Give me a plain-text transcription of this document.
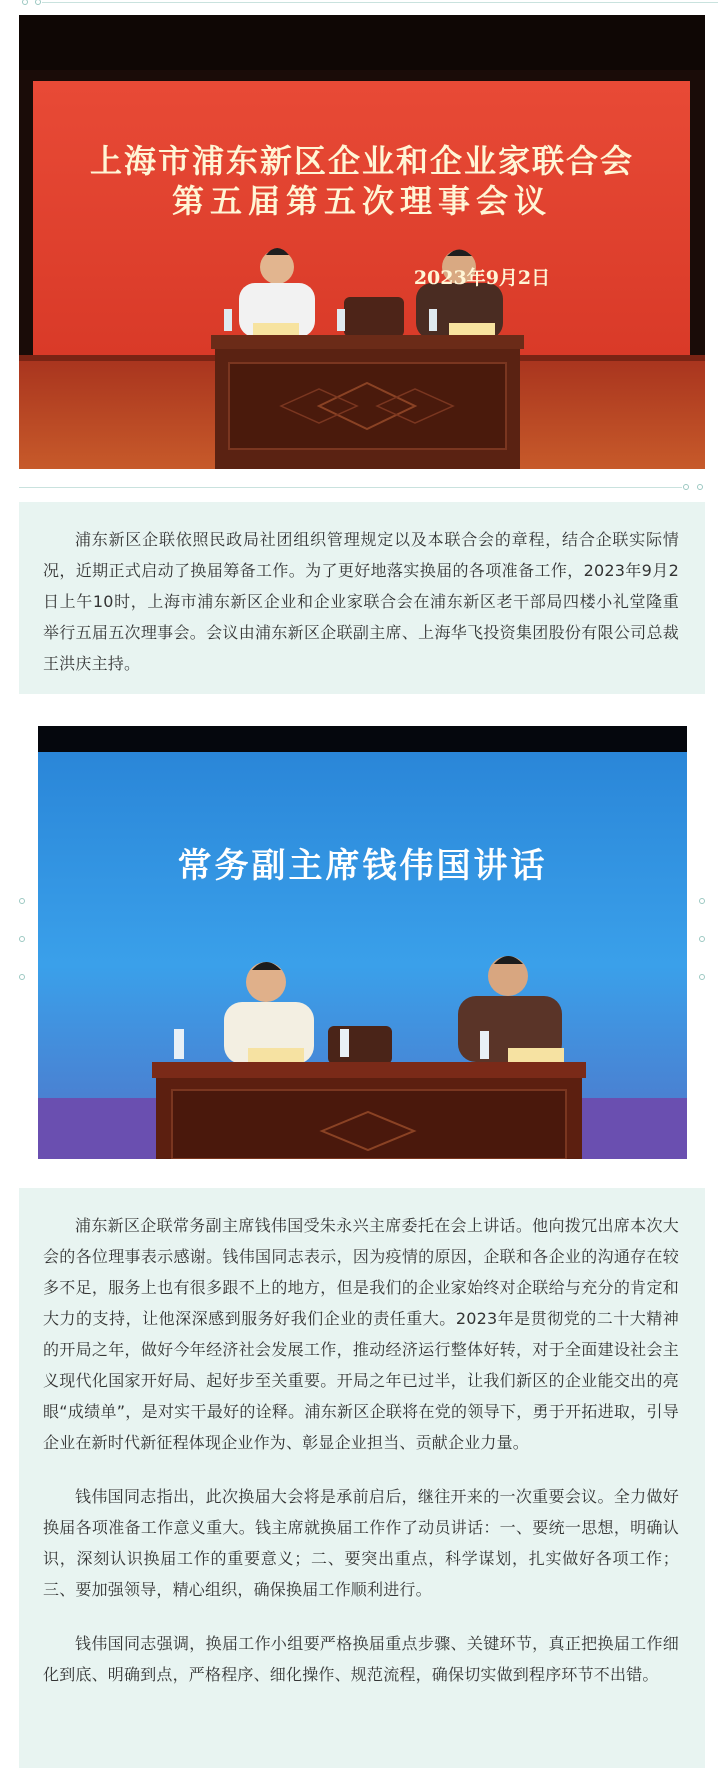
上海市浦东新区企业和企业家联合会
第五届第五次理事会议
2023年9月2日

浦东新区企联依照民政局社团组织管理规定以及本联合会的章程，结合企联实际情况，近期正式启动了换届筹备工作。为了更好地落实换届的各项准备工作，2023年9月2日上午10时，上海市浦东新区企业和企业家联合会在浦东新区老干部局四楼小礼堂隆重举行五届五次理事会。会议由浦东新区企联副主席、上海华飞投资集团股份有限公司总裁王洪庆主持。

常务副主席钱伟国讲话

浦东新区企联常务副主席钱伟国受朱永兴主席委托在会上讲话。他向拨冗出席本次大会的各位理事表示感谢。钱伟国同志表示，因为疫情的原因，企联和各企业的沟通存在较多不足，服务上也有很多跟不上的地方，但是我们的企业家始终对企联给与充分的肯定和大力的支持，让他深深感到服务好我们企业的责任重大。2023年是贯彻党的二十大精神的开局之年，做好今年经济社会发展工作，推动经济运行整体好转，对于全面建设社会主义现代化国家开好局、起好步至关重要。开局之年已过半，让我们新区的企业能交出的亮眼“成绩单”，是对实干最好的诠释。浦东新区企联将在党的领导下，勇于开拓进取，引导企业在新时代新征程体现企业作为、彰显企业担当、贡献企业力量。

钱伟国同志指出，此次换届大会将是承前启后，继往开来的一次重要会议。全力做好换届各项准备工作意义重大。钱主席就换届工作作了动员讲话：一、要统一思想，明确认识，深刻认识换届工作的重要意义；二、要突出重点，科学谋划，扎实做好各项工作；三、要加强领导，精心组织，确保换届工作顺利进行。

钱伟国同志强调，换届工作小组要严格换届重点步骤、关键环节，真正把换届工作细化到底、明确到点，严格程序、细化操作、规范流程，确保切实做到程序环节不出错。
